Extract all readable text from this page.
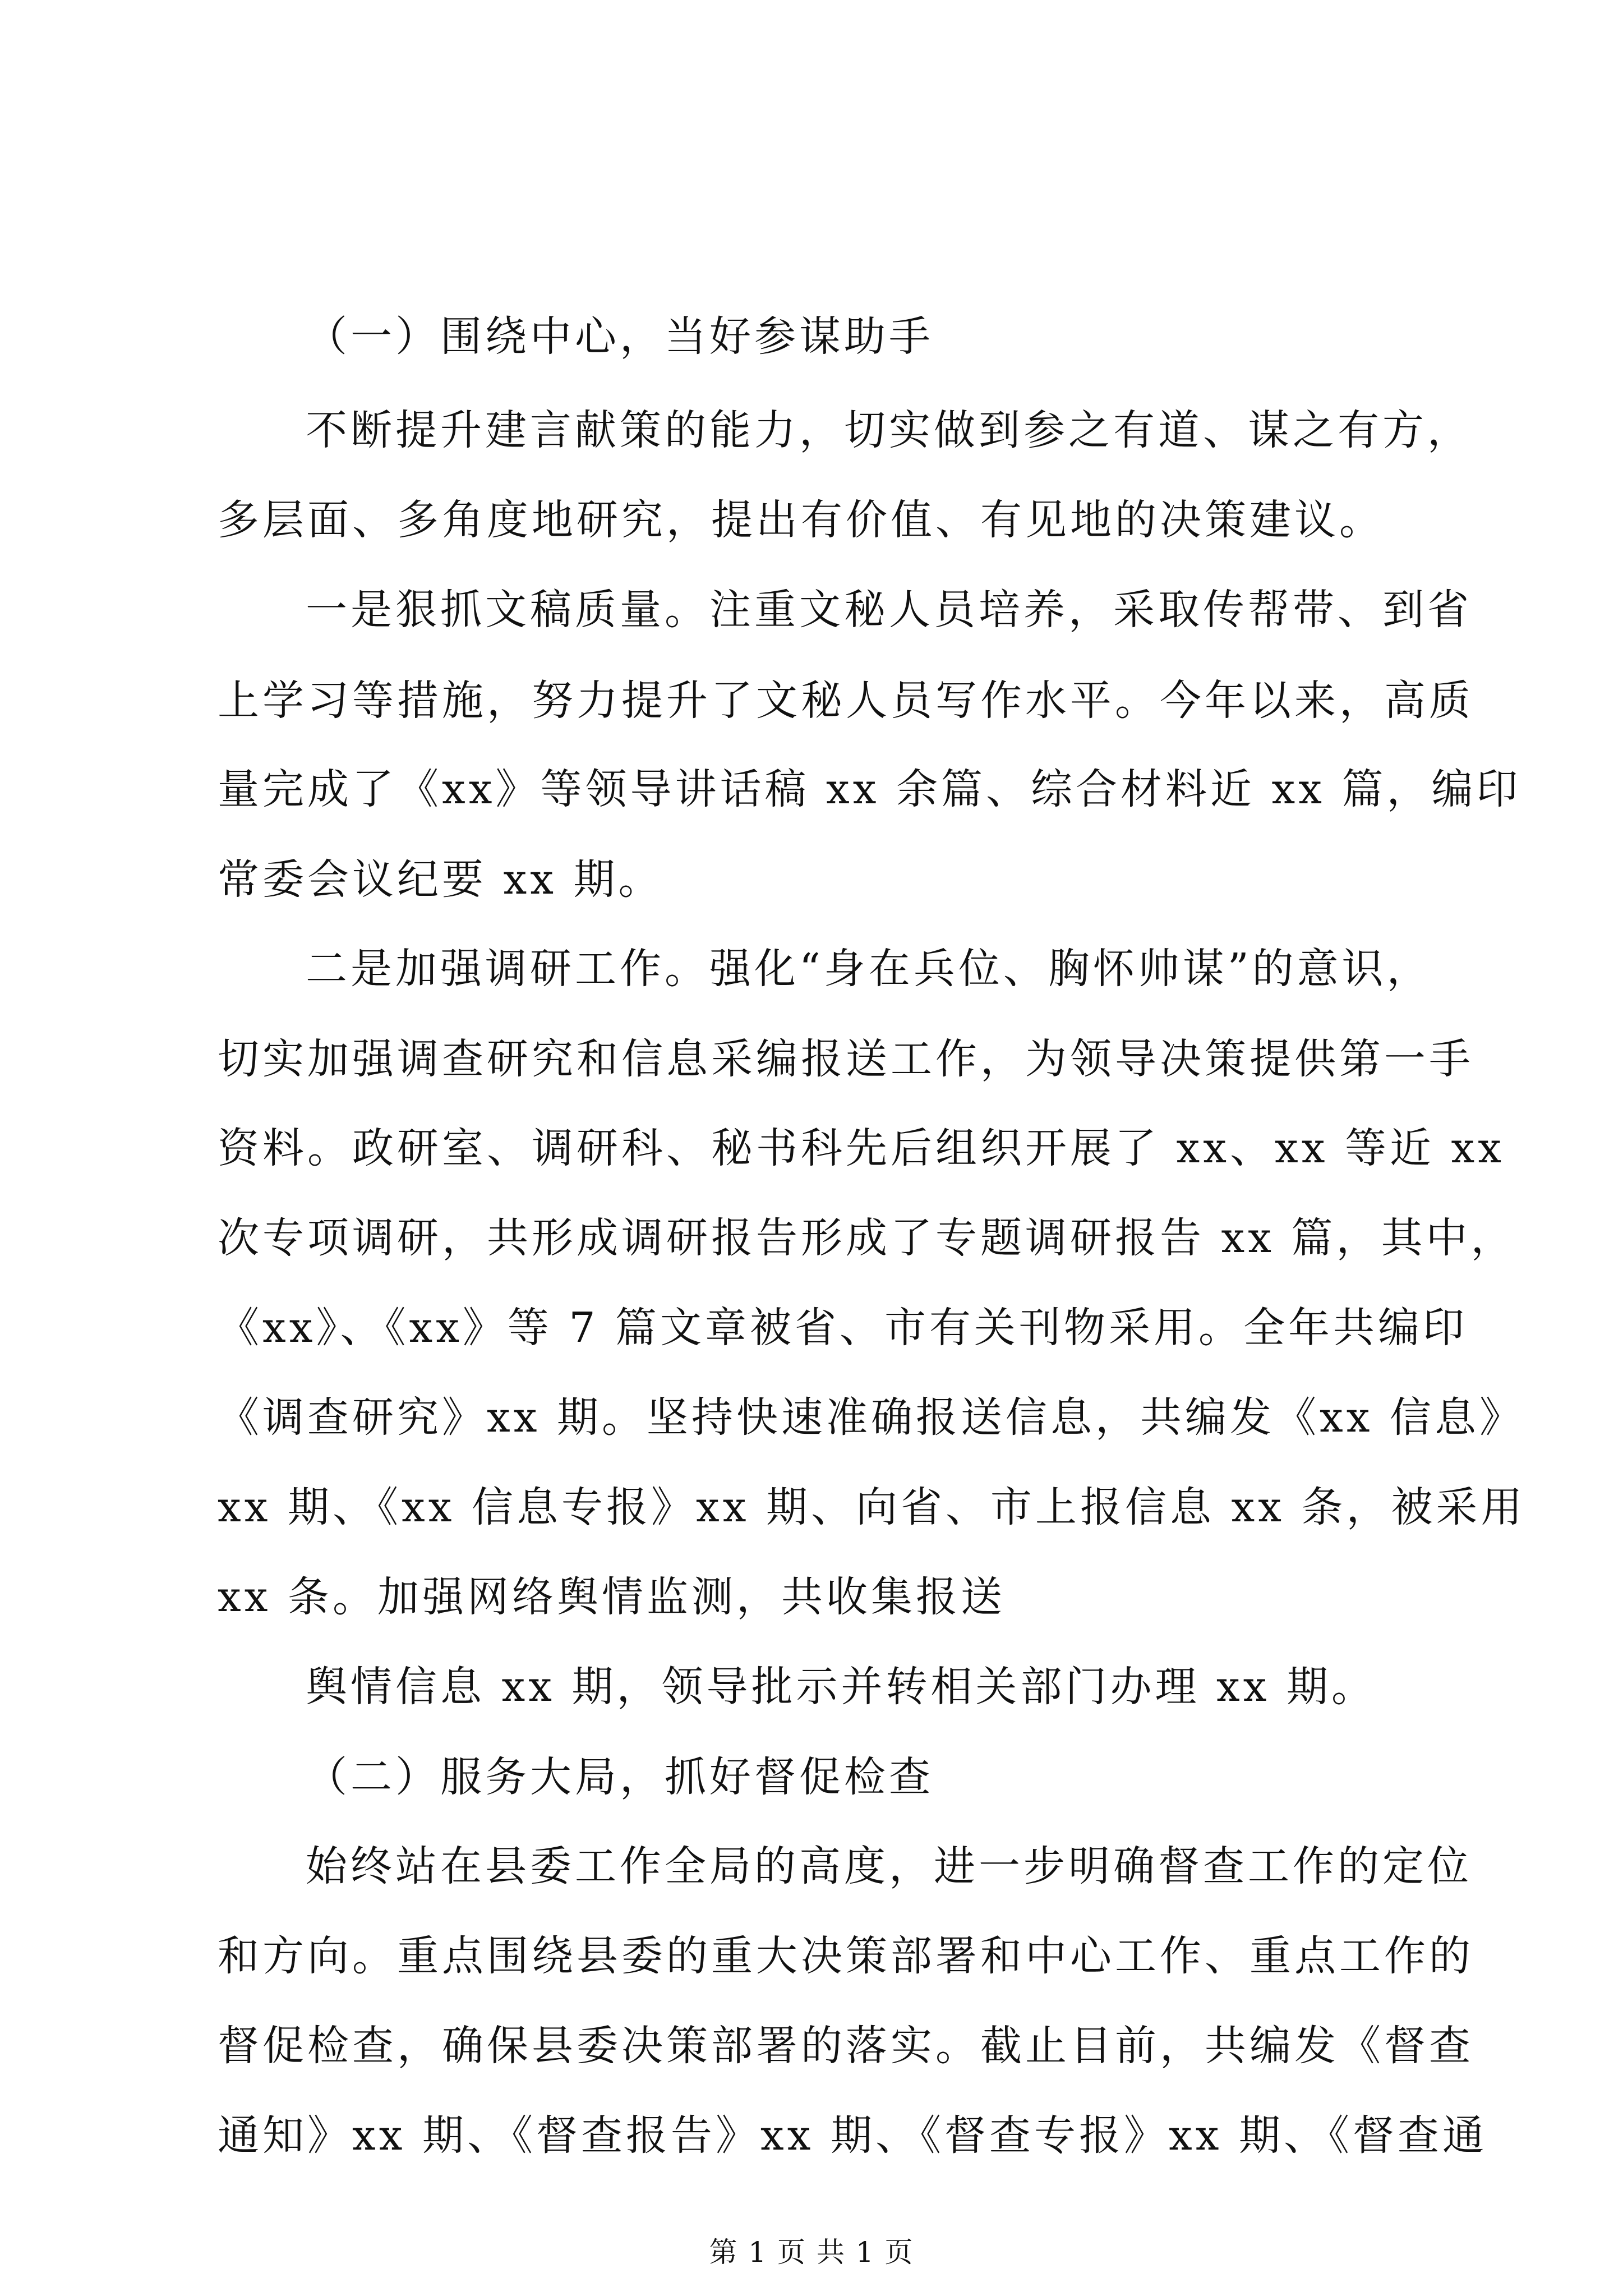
（一）围绕中心，当好参谋助手
不断提升建言献策的能力，切实做到参之有道、谋之有方，
多层面、多角度地研究，提出有价值、有见地的决策建议。
一是狠抓文稿质量。注重文秘人员培养，采取传帮带、到省
上学习等措施，努力提升了文秘人员写作水平。今年以来，高质
量完成了《xx》等领导讲话稿 xx 余篇、综合材料近 xx 篇，编印
常委会议纪要 xx 期。
二是加强调研工作。强化“身在兵位、胸怀帅谋”的意识，
切实加强调查研究和信息采编报送工作，为领导决策提供第一手
资料。政研室、调研科、秘书科先后组织开展了 xx、xx 等近 xx
次专项调研，共形成调研报告形成了专题调研报告 xx 篇，其中，
《xx》、《xx》等 7 篇文章被省、市有关刊物采用。全年共编印
《调查研究》xx 期。坚持快速准确报送信息，共编发《xx 信息》
xx 期、《xx 信息专报》xx 期、向省、市上报信息 xx 条，被采用
xx 条。加强网络舆情监测，共收集报送
舆情信息 xx 期，领导批示并转相关部门办理 xx 期。
（二）服务大局，抓好督促检查
始终站在县委工作全局的高度，进一步明确督查工作的定位
和方向。重点围绕县委的重大决策部署和中心工作、重点工作的
督促检查，确保县委决策部署的落实。截止目前，共编发《督查
通知》xx 期、《督查报告》xx 期、《督查专报》xx 期、《督查通
第 1 页 共 1 页
